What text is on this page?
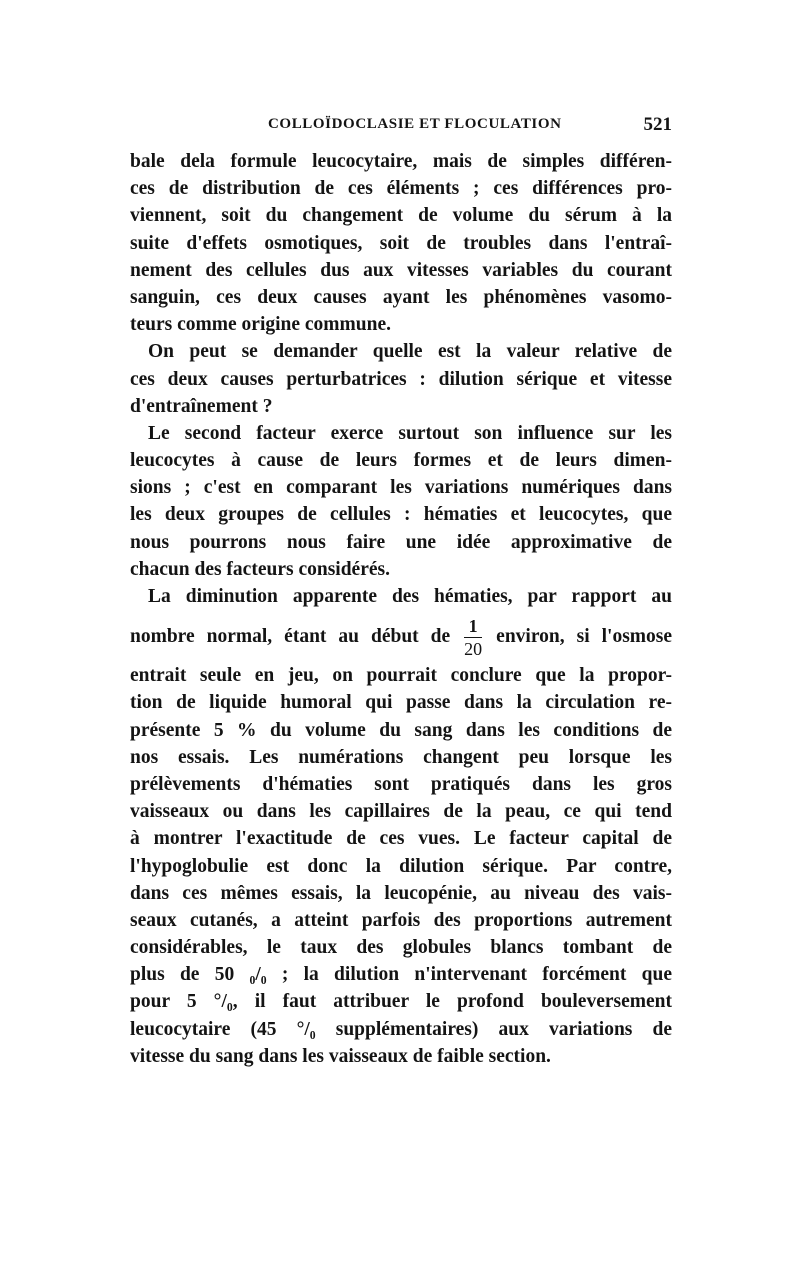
COLLOÏDOCLASIE ET FLOCULATION	521
bale dela formule leucocytaire, mais de simples différen-
ces de distribution de ces éléments ; ces différences pro-
viennent, soit du changement de volume du sérum à la
suite d'effets osmotiques, soit de troubles dans l'entraî-
nement des cellules dus aux vitesses variables du courant
sanguin, ces deux causes ayant les phénomènes vasomo-
teurs comme origine commune.
On peut se demander quelle est la valeur relative de
ces deux causes perturbatrices : dilution sérique et vitesse
d'entraînement ?
Le second facteur exerce surtout son influence sur les
leucocytes à cause de leurs formes et de leurs dimen-
sions ; c'est en comparant les variations numériques dans
les deux groupes de cellules : hématies et leucocytes, que
nous pourrons nous faire une idée approximative de
chacun des facteurs considérés.
La diminution apparente des hématies, par rapport au
nombre normal, étant au début de $\frac{1}{20}$ environ, si l'osmose
entrait seule en jeu, on pourrait conclure que la propor-
tion de liquide humoral qui passe dans la circulation re-
présente 5 % du volume du sang dans les conditions de
nos essais. Les numérations changent peu lorsque les
prélèvements d'hématies sont pratiqués dans les gros
vaisseaux ou dans les capillaires de la peau, ce qui tend
à montrer l'exactitude de ces vues. Le facteur capital de
l'hypoglobulie est donc la dilution sérique. Par contre,
dans ces mêmes essais, la leucopénie, au niveau des vais-
seaux cutanés, a atteint parfois des proportions autrement
considérables, le taux des globules blancs tombant de
plus de 50 ₀/₀ ; la dilution n'intervenant forcément que
pour 5 °/₀, il faut attribuer le profond bouleversement
leucocytaire (45 °/₀ supplémentaires) aux variations de
vitesse du sang dans les vaisseaux de faible section.
